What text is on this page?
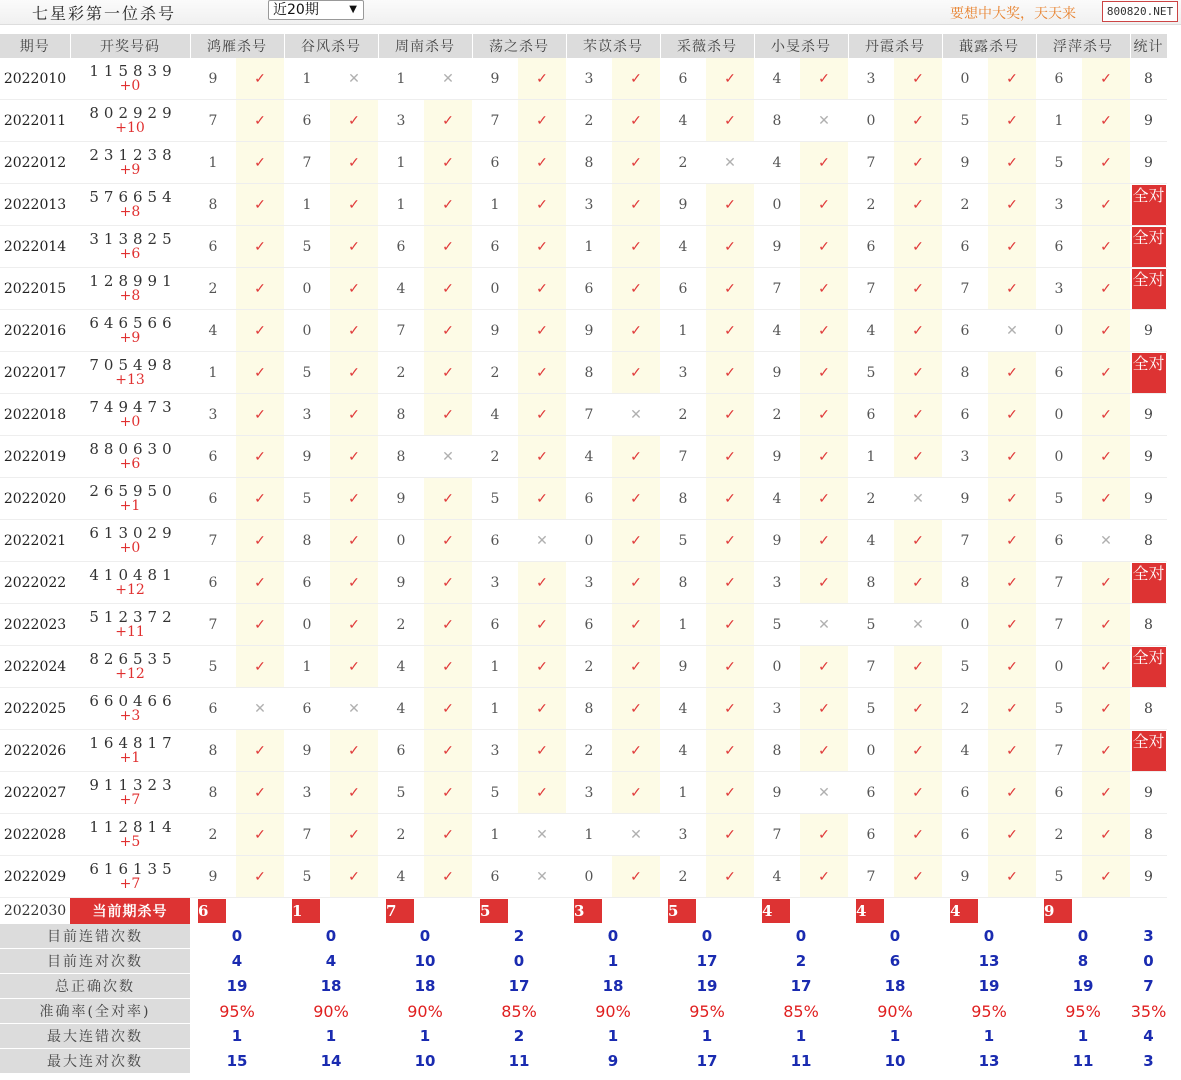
七星彩第一位杀号	近20期	▼	要想中大奖，天天来	800820.NET
期号	开奖号码	鸿雁杀号		谷风杀号		周南杀号		荡之杀号		芣苡杀号		采薇杀号		小旻杀号		丹霞杀号		蕺露杀号		浮萍杀号		统计
2022010	115839
+0	9	✓	1	✕	1	✕	9	✓	3	✓	6	✓	4	✓	3	✓	0	✓	6	✓	8
2022011	802929
+10	7	✓	6	✓	3	✓	7	✓	2	✓	4	✓	8	✕	0	✓	5	✓	1	✓	9
2022012	231238
+9	1	✓	7	✓	1	✓	6	✓	8	✓	2	✕	4	✓	7	✓	9	✓	5	✓	9
2022013	576654
+8	8	✓	1	✓	1	✓	1	✓	3	✓	9	✓	0	✓	2	✓	2	✓	3	✓	全对
2022014	313825
+6	6	✓	5	✓	6	✓	6	✓	1	✓	4	✓	9	✓	6	✓	6	✓	6	✓	全对
2022015	128991
+8	2	✓	0	✓	4	✓	0	✓	6	✓	6	✓	7	✓	7	✓	7	✓	3	✓	全对
2022016	646566
+9	4	✓	0	✓	7	✓	9	✓	9	✓	1	✓	4	✓	4	✓	6	✕	0	✓	9
2022017	705498
+13	1	✓	5	✓	2	✓	2	✓	8	✓	3	✓	9	✓	5	✓	8	✓	6	✓	全对
2022018	749473
+0	3	✓	3	✓	8	✓	4	✓	7	✕	2	✓	2	✓	6	✓	6	✓	0	✓	9
2022019	880630
+6	6	✓	9	✓	8	✕	2	✓	4	✓	7	✓	9	✓	1	✓	3	✓	0	✓	9
2022020	265950
+1	6	✓	5	✓	9	✓	5	✓	6	✓	8	✓	4	✓	2	✕	9	✓	5	✓	9
2022021	613029
+0	7	✓	8	✓	0	✓	6	✕	0	✓	5	✓	9	✓	4	✓	7	✓	6	✕	8
2022022	410481
+12	6	✓	6	✓	9	✓	3	✓	3	✓	8	✓	3	✓	8	✓	8	✓	7	✓	全对
2022023	512372
+11	7	✓	0	✓	2	✓	6	✓	6	✓	1	✓	5	✕	5	✕	0	✓	7	✓	8
2022024	826535
+12	5	✓	1	✓	4	✓	1	✓	2	✓	9	✓	0	✓	7	✓	5	✓	0	✓	全对
2022025	660466
+3	6	✕	6	✕	4	✓	1	✓	8	✓	4	✓	3	✓	5	✓	2	✓	5	✓	8
2022026	164817
+1	8	✓	9	✓	6	✓	3	✓	2	✓	4	✓	8	✓	0	✓	4	✓	7	✓	全对
2022027	911323
+7	8	✓	3	✓	5	✓	5	✓	3	✓	1	✓	9	✕	6	✓	6	✓	6	✓	9
2022028	112814
+5	2	✓	7	✓	2	✓	1	✕	1	✕	3	✓	7	✓	6	✓	6	✓	2	✓	8
2022029	616135
+7	9	✓	5	✓	4	✓	6	✕	0	✓	2	✓	4	✓	7	✓	9	✓	5	✓	9
2022030	当前期杀号	6		1		7		5		3		5		4		4		4		9		
目前连错次数		0		0		0		2		0		0		0		0		0		0		3
目前连对次数		4		4		10		0		1		17		2		6		13		8		0
总正确次数		19		18		18		17		18		19		17		18		19		19		7
准确率(全对率)		95%		90%		90%		85%		90%		95%		85%		90%		95%		95%		35%
最大连错次数		1		1		1		2		1		1		1		1		1		1		4
最大连对次数		15		14		10		11		9		17		11		10		13		11		3
